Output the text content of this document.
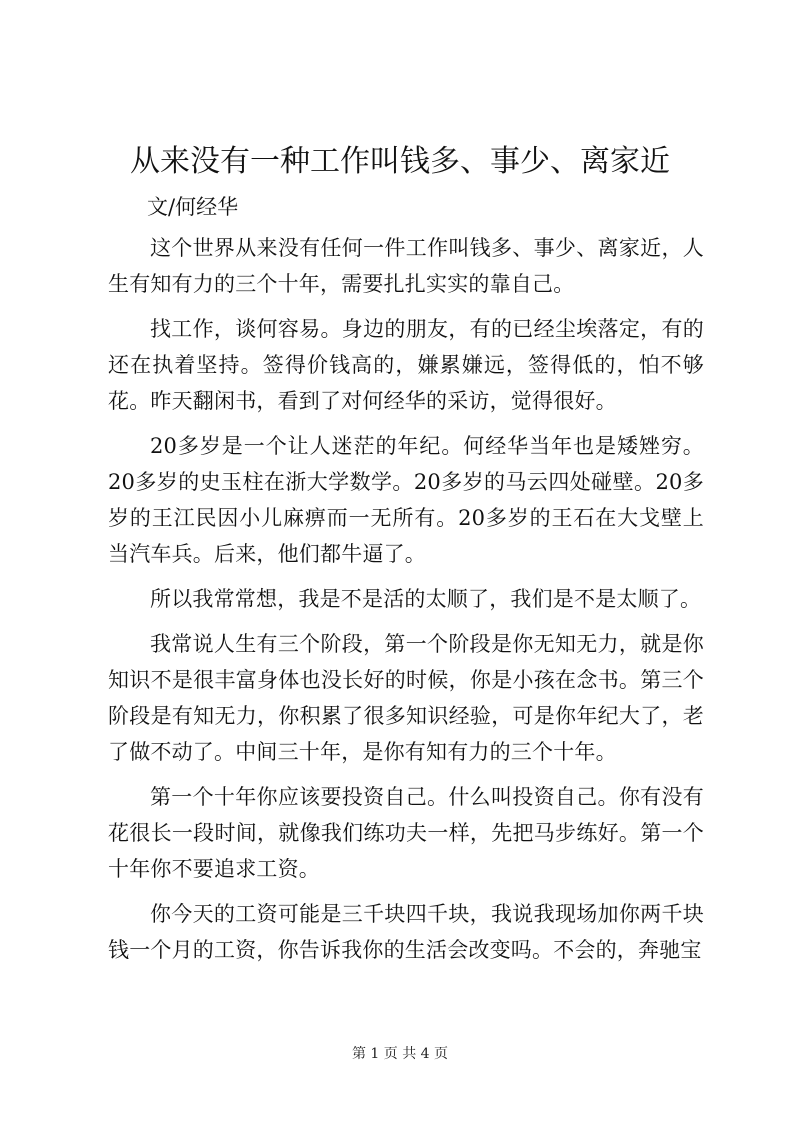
从来没有一种工作叫钱多、事少、离家近

文/何经华

这个世界从来没有任何一件工作叫钱多、事少、离家近，人生有知有力的三个十年，需要扎扎实实的靠自己。

找工作，谈何容易。身边的朋友，有的已经尘埃落定，有的还在执着坚持。签得价钱高的，嫌累嫌远，签得低的，怕不够花。昨天翻闲书，看到了对何经华的采访，觉得很好。

20多岁是一个让人迷茫的年纪。何经华当年也是矮矬穷。20多岁的史玉柱在浙大学数学。20多岁的马云四处碰壁。20多岁的王江民因小儿麻痹而一无所有。20多岁的王石在大戈壁上当汽车兵。后来，他们都牛逼了。

所以我常常想，我是不是活的太顺了，我们是不是太顺了。

我常说人生有三个阶段，第一个阶段是你无知无力，就是你知识不是很丰富身体也没长好的时候，你是小孩在念书。第三个阶段是有知无力，你积累了很多知识经验，可是你年纪大了，老了做不动了。中间三十年，是你有知有力的三个十年。

第一个十年你应该要投资自己。什么叫投资自己。你有没有花很长一段时间，就像我们练功夫一样，先把马步练好。第一个十年你不要追求工资。

你今天的工资可能是三千块四千块，我说我现场加你两千块钱一个月的工资，你告诉我你的生活会改变吗。不会的，奔驰宝

第 1 页 共 4 页
